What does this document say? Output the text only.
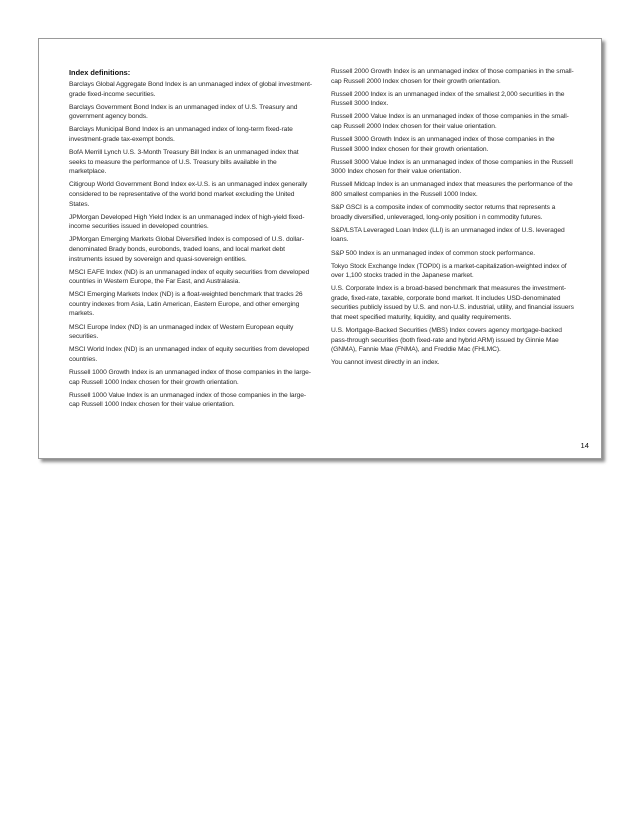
Index definitions:

Barclays Global Aggregate Bond Index is an unmanaged index of global investment-grade fixed-income securities.

Barclays Government Bond Index is an unmanaged index of U.S. Treasury and government agency bonds.

Barclays Municipal Bond Index is an unmanaged index of long-term fixed-rate investment-grade tax-exempt bonds.

BofA Merrill Lynch U.S. 3-Month Treasury Bill Index is an unmanaged index that seeks to measure the performance of U.S. Treasury bills available in the marketplace.

Citigroup World Government Bond Index ex-U.S. is an unmanaged index generally considered to be representative of the world bond market excluding the United States.

JPMorgan Developed High Yield Index is an unmanaged index of high-yield fixed-income securities issued in developed countries.

JPMorgan Emerging Markets Global Diversified Index is composed of U.S. dollar-denominated Brady bonds, eurobonds, traded loans, and local market debt instruments issued by sovereign and quasi-sovereign entities.

MSCI EAFE Index (ND) is an unmanaged index of equity securities from developed countries in Western Europe, the Far East, and Australasia.

MSCI Emerging Markets Index (ND) is a float-weighted benchmark that tracks 26 country indexes from Asia, Latin American, Eastern Europe, and other emerging markets.

MSCI Europe Index (ND) is an unmanaged index of Western European equity securities.

MSCI World Index (ND) is an unmanaged index of equity securities from developed countries.

Russell 1000 Growth Index is an unmanaged index of those companies in the large-cap Russell 1000 Index chosen for their growth orientation.

Russell 1000 Value Index is an unmanaged index of those companies in the large-cap Russell 1000 Index chosen for their value orientation.

Russell 2000 Growth Index is an unmanaged index of those companies in the small-cap Russell 2000 Index chosen for their growth orientation.

Russell 2000 Index is an unmanaged index of the smallest 2,000 securities in the Russell 3000 Index.

Russell 2000 Value Index is an unmanaged index of those companies in the small-cap Russell 2000 Index chosen for their value orientation.

Russell 3000 Growth Index is an unmanaged index of those companies in the Russell 3000 Index chosen for their growth orientation.

Russell 3000 Value Index is an unmanaged index of those companies in the Russell 3000 Index chosen for their value orientation.

Russell Midcap Index is an unmanaged index that measures the performance of the 800 smallest companies in the Russell 1000 Index.

S&P GSCI is a composite index of commodity sector returns that represents a broadly diversified, unleveraged, long-only position i n commodity futures.

S&P/LSTA Leveraged Loan Index (LLI) is an unmanaged index of U.S. leveraged loans.

S&P 500 Index is an unmanaged index of common stock performance.

Tokyo Stock Exchange Index (TOPIX) is a market-capitalization-weighted index of over 1,100 stocks traded in the Japanese market.

U.S. Corporate Index is a broad-based benchmark that measures the investment-grade, fixed-rate, taxable, corporate bond market. It includes USD-denominated securities publicly issued by U.S. and non-U.S. industrial, utility, and financial issuers that meet specified maturity, liquidity, and quality requirements.

U.S. Mortgage-Backed Securities (MBS) Index covers agency mortgage-backed pass-through securities (both fixed-rate and hybrid ARM) issued by Ginnie Mae (GNMA), Fannie Mae (FNMA), and Freddie Mac (FHLMC).

You cannot invest directly in an index.

14
